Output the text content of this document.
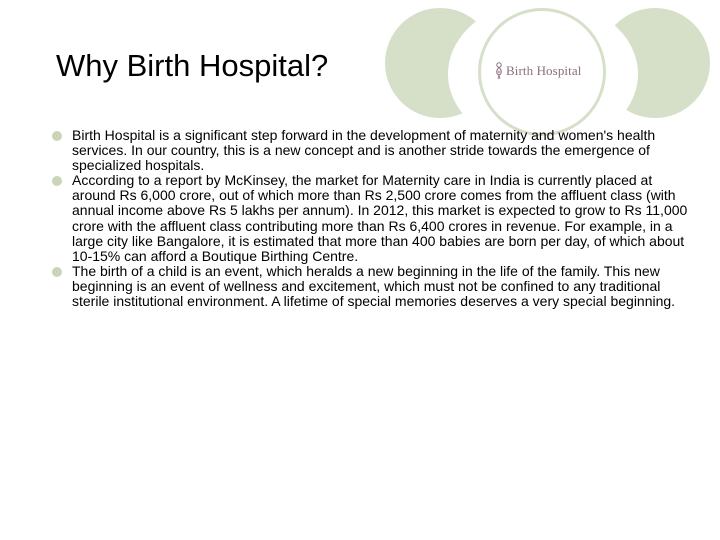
Why Birth Hospital?	Birth Hospital
Birth Hospital is a significant step forward in the development of maternity and women's health services. In our country, this is a new concept and is another stride towards the emergence of specialized hospitals.
According to a report by McKinsey, the market for Maternity care in India is currently placed at around Rs 6,000 crore, out of which more than Rs 2,500 crore comes from the affluent class (with annual income above Rs 5 lakhs per annum). In 2012, this market is expected to grow to Rs 11,000 crore with the affluent class contributing more than Rs 6,400 crores in revenue. For example, in a large city like Bangalore, it is estimated that more than 400 babies are born per day, of which about 10-15% can afford a Boutique Birthing Centre.
The birth of a child is an event, which heralds a new beginning in the life of the family. This new beginning is an event of wellness and excitement, which must not be confined to any traditional sterile institutional environment. A lifetime of special memories deserves a very special beginning.
